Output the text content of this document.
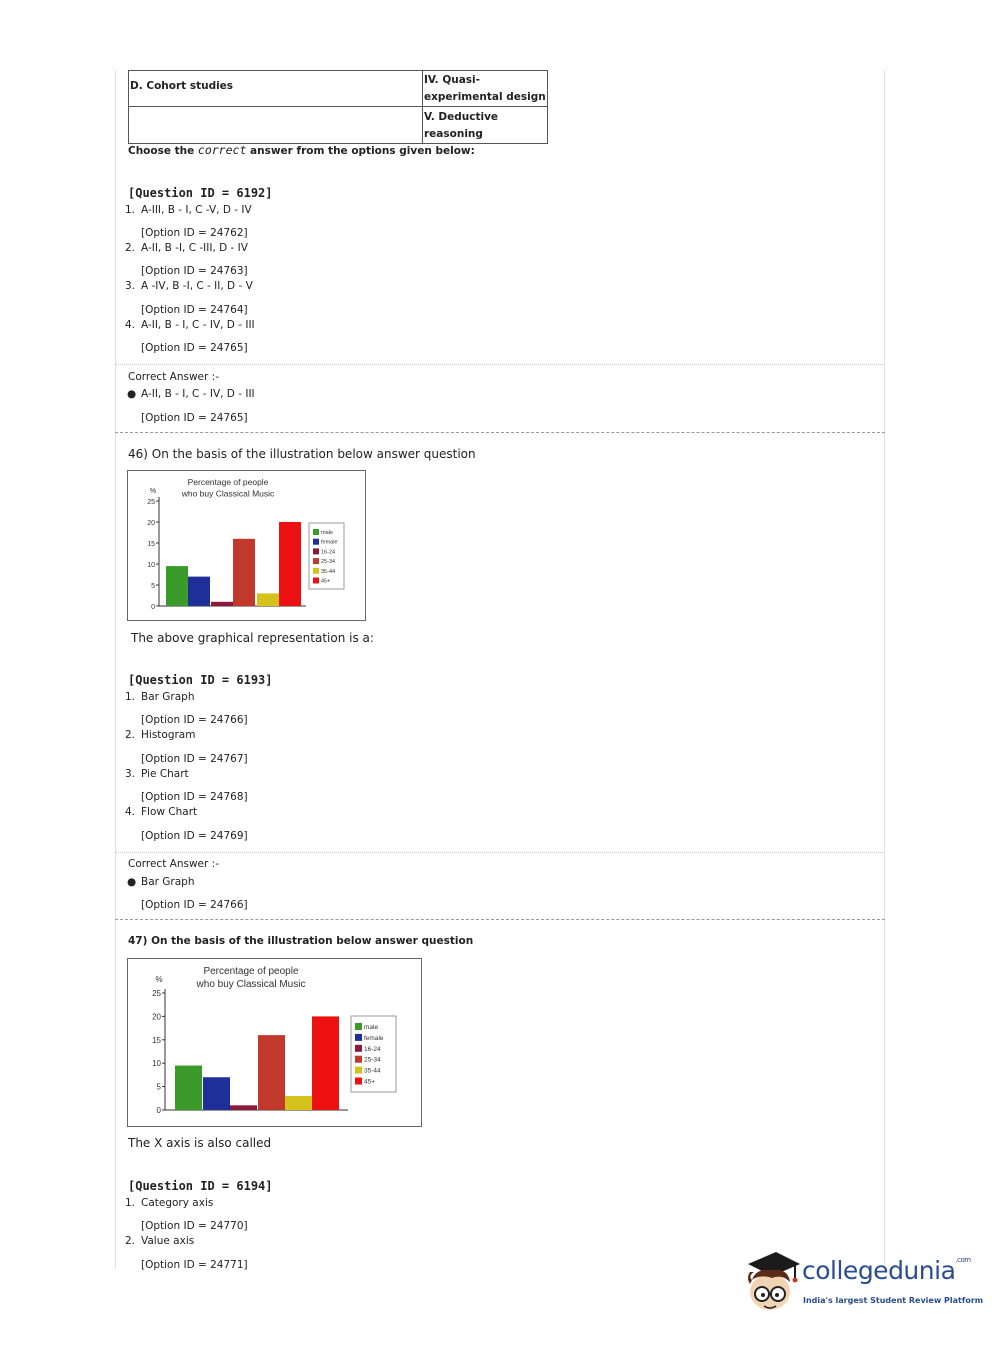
D. Cohort studies	IV. Quasi-
experimental design

	V. Deductive
reasoning
Choose the correct answer from the options given below:
[Question ID = 6192]
1. A-III, B - I, C -V, D - IV
[Option ID = 24762]
2. A-II, B -I, C -III, D - IV
[Option ID = 24763]
3. A -IV, B -I, C - II, D - V
[Option ID = 24764]
4. A-II, B - I, C - IV, D - III
[Option ID = 24765]
Correct Answer :-
● A-II, B - I, C - IV, D - III
[Option ID = 24765]
46) On the basis of the illustration below answer question
Percentage of people
who buy Classical Music
%
0
5
10
15
20
25
male
female
16-24
25-34
35-44
45+
The above graphical representation is a:
[Question ID = 6193]
1. Bar Graph
[Option ID = 24766]
2. Histogram
[Option ID = 24767]
3. Pie Chart
[Option ID = 24768]
4. Flow Chart
[Option ID = 24769]
Correct Answer :-
● Bar Graph
[Option ID = 24766]
47) On the basis of the illustration below answer question
Percentage of people
who buy Classical Music
%
0
5
10
15
20
25
male
female
16-24
25-34
35-44
45+
The X axis is also called
[Question ID = 6194]
1. Category axis
[Option ID = 24770]
2. Value axis
[Option ID = 24771]	collegedunia$^{.com}$
India's largest Student Review Platform
